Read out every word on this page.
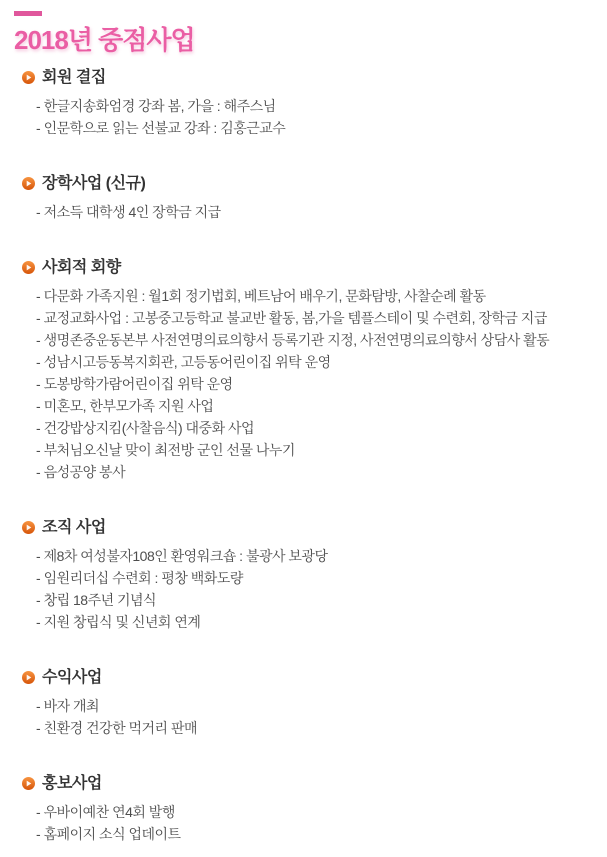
2018년 중점사업
회원 결집
- 한글지송화엄경 강좌 봄, 가을 : 해주스님
- 인문학으로 읽는 선불교 강좌 : 김홍근교수
장학사업 (신규)
- 저소득 대학생 4인 장학금 지급
사회적 회향
- 다문화 가족지원 : 월1회 정기법회, 베트남어 배우기, 문화탐방, 사찰순례 활동
- 교정교화사업 : 고봉중고등학교 불교반 활동, 봄,가을 템플스테이 및 수련회, 장학금 지급
- 생명존중운동본부 사전연명의료의향서 등록기관 지정, 사전연명의료의향서 상담사 활동
- 성남시고등동복지회관, 고등동어린이집 위탁 운영
- 도봉방학가람어린이집 위탁 운영
- 미혼모, 한부모가족 지원 사업
- 건강밥상지킴(사찰음식) 대중화 사업
- 부처님오신날 맞이 최전방 군인 선물 나누기
- 음성공양 봉사
조직 사업
- 제8차 여성불자108인 환영워크숍 : 불광사 보광당
- 임원리더십 수련회 : 평창 백화도량
- 창립 18주년 기념식
- 지원 창립식 및 신년회 연계
수익사업
- 바자 개최
- 친환경 건강한 먹거리 판매
홍보사업
- 우바이예찬 연4회 발행
- 홈페이지 소식 업데이트
